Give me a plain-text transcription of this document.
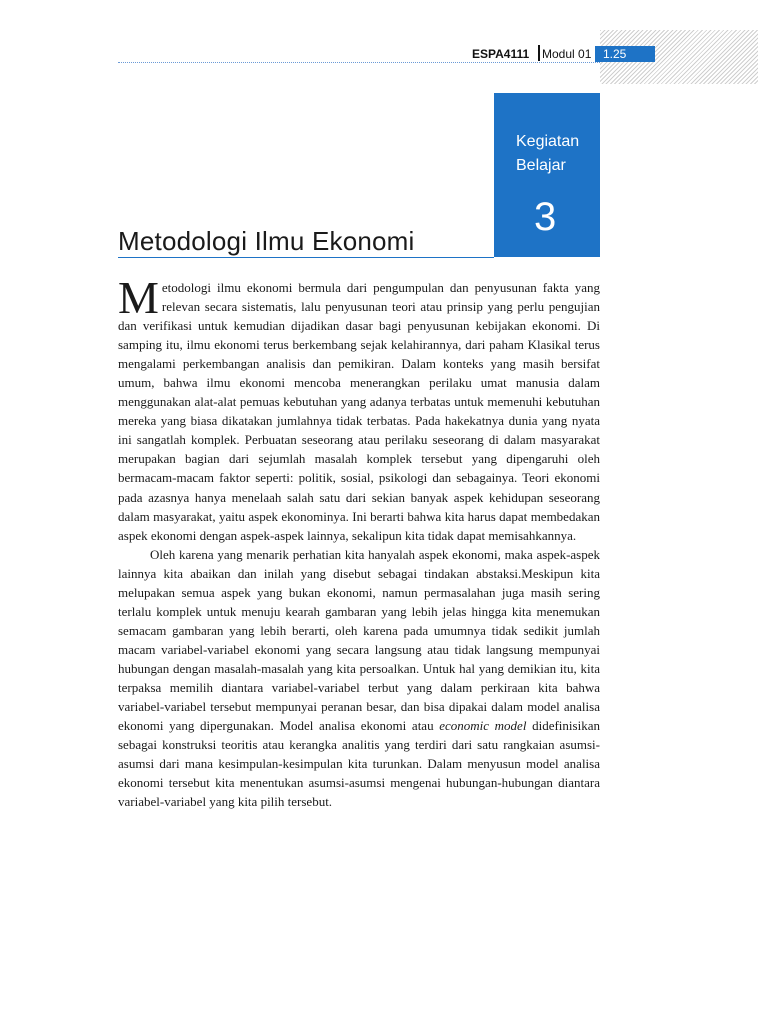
ESPA4111 Modul 01 1.25
Kegiatan
Belajar
3
Metodologi Ilmu Ekonomi

Metodologi ilmu ekonomi bermula dari pengumpulan dan penyusunan fakta yang relevan secara sistematis, lalu penyusunan teori atau prinsip yang perlu pengujian dan verifikasi untuk kemudian dijadikan dasar bagi penyusunan kebijakan ekonomi. Di samping itu, ilmu ekonomi terus berkembang sejak kelahirannya, dari paham Klasikal terus mengalami perkembangan analisis dan pemikiran. Dalam konteks yang masih bersifat umum, bahwa ilmu ekonomi mencoba menerangkan perilaku umat manusia dalam menggunakan alat-alat pemuas kebutuhan yang adanya terbatas untuk memenuhi kebutuhan mereka yang biasa dikatakan jumlahnya tidak terbatas. Pada hakekatnya dunia yang nyata ini sangatlah komplek. Perbuatan seseorang atau perilaku seseorang di dalam masyarakat merupakan bagian dari sejumlah masalah komplek tersebut yang dipengaruhi oleh bermacam-macam faktor seperti: politik, sosial, psikologi dan sebagainya. Teori ekonomi pada azasnya hanya menelaah salah satu dari sekian banyak aspek kehidupan seseorang dalam masyarakat, yaitu aspek ekonominya. Ini berarti bahwa kita harus dapat membedakan aspek ekonomi dengan aspek-aspek lainnya, sekalipun kita tidak dapat memisahkannya.

Oleh karena yang menarik perhatian kita hanyalah aspek ekonomi, maka aspek-aspek lainnya kita abaikan dan inilah yang disebut sebagai tindakan abstaksi.Meskipun kita melupakan semua aspek yang bukan ekonomi, namun permasalahan juga masih sering terlalu komplek untuk menuju kearah gambaran yang lebih jelas hingga kita menemukan semacam gambaran yang lebih berarti, oleh karena pada umumnya tidak sedikit jumlah macam variabel-variabel ekonomi yang secara langsung atau tidak langsung mempunyai hubungan dengan masalah-masalah yang kita persoalkan. Untuk hal yang demikian itu, kita terpaksa memilih diantara variabel-variabel terbut yang dalam perkiraan kita bahwa variabel-variabel tersebut mempunyai peranan besar, dan bisa dipakai dalam model analisa ekonomi yang dipergunakan. Model analisa ekonomi atau economic model didefinisikan sebagai konstruksi teoritis atau kerangka analitis yang terdiri dari satu rangkaian asumsi-asumsi dari mana kesimpulan-kesimpulan kita turunkan. Dalam menyusun model analisa ekonomi tersebut kita menentukan asumsi-asumsi mengenai hubungan-hubungan diantara variabel-variabel yang kita pilih tersebut.
